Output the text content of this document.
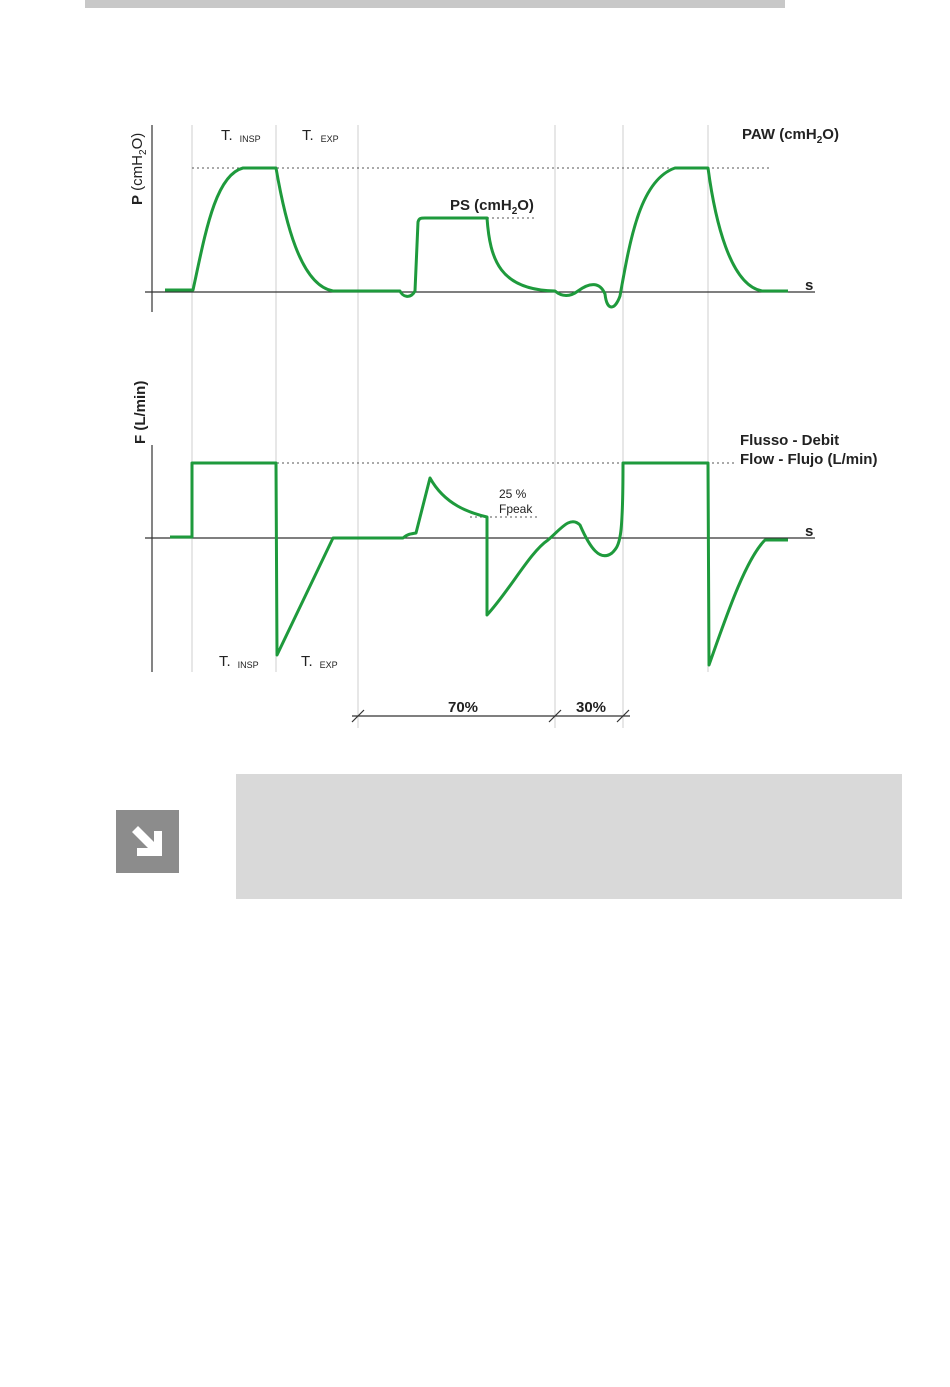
P (cmH$_2$O)	T. INSP	T. EXP	PAW (cmH$_2$O)
PS (cmH$_2$O)
s
F (L/min)	Flusso - Debit
Flow - Flujo (L/min)
25 %
Fpeak
s
T. INSP	T. EXP
70%	30%
